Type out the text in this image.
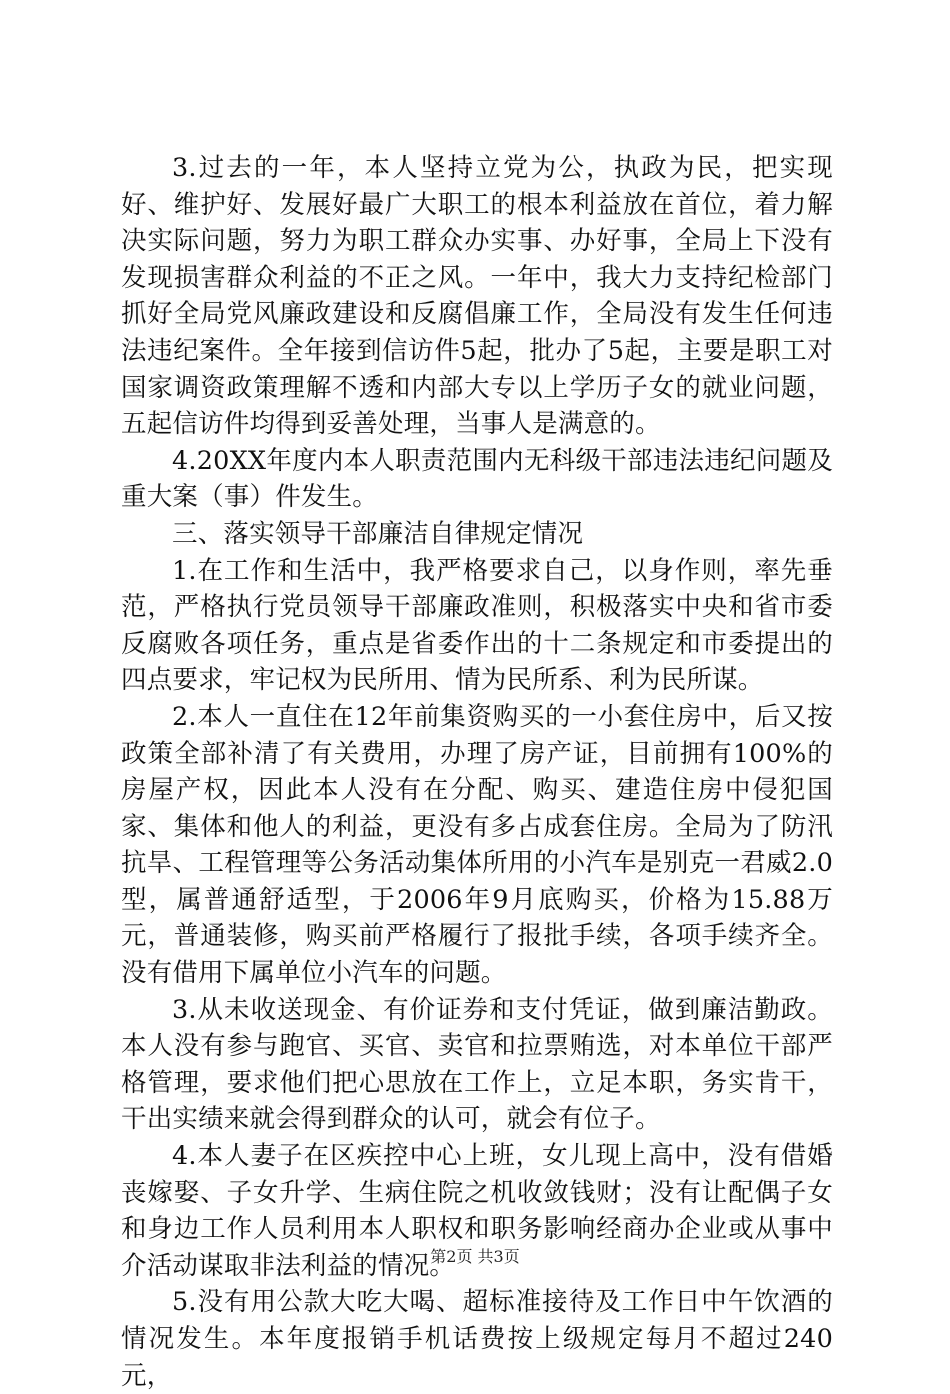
3.过去的一年，本人坚持立党为公，执政为民，把实现好、维护好、发展好最广大职工的根本利益放在首位，着力解决实际问题，努力为职工群众办实事、办好事，全局上下没有发现损害群众利益的不正之风。一年中，我大力支持纪检部门抓好全局党风廉政建设和反腐倡廉工作，全局没有发生任何违法违纪案件。全年接到信访件5起，批办了5起，主要是职工对国家调资政策理解不透和内部大专以上学历子女的就业问题，五起信访件均得到妥善处理，当事人是满意的。

4.20XX年度内本人职责范围内无科级干部违法违纪问题及重大案（事）件发生。

三、落实领导干部廉洁自律规定情况

1.在工作和生活中，我严格要求自己，以身作则，率先垂范，严格执行党员领导干部廉政准则，积极落实中央和省市委反腐败各项任务，重点是省委作出的十二条规定和市委提出的四点要求，牢记权为民所用、情为民所系、利为民所谋。

2.本人一直住在12年前集资购买的一小套住房中，后又按政策全部补清了有关费用，办理了房产证，目前拥有100%的房屋产权，因此本人没有在分配、购买、建造住房中侵犯国家、集体和他人的利益，更没有多占成套住房。全局为了防汛抗旱、工程管理等公务活动集体所用的小汽车是别克一君威2.0型，属普通舒适型，于2006年9月底购买，价格为15.88万元，普通装修，购买前严格履行了报批手续，各项手续齐全。没有借用下属单位小汽车的问题。

3.从未收送现金、有价证券和支付凭证，做到廉洁勤政。本人没有参与跑官、买官、卖官和拉票贿选，对本单位干部严格管理，要求他们把心思放在工作上，立足本职，务实肯干，干出实绩来就会得到群众的认可，就会有位子。

4.本人妻子在区疾控中心上班，女儿现上高中，没有借婚丧嫁娶、子女升学、生病住院之机收敛钱财；没有让配偶子女和身边工作人员利用本人职权和职务影响经商办企业或从事中介活动谋取非法利益的情况。

5.没有用公款大吃大喝、超标准接待及工作日中午饮酒的情况发生。本年度报销手机话费按上级规定每月不超过240元，

第2页 共3页
